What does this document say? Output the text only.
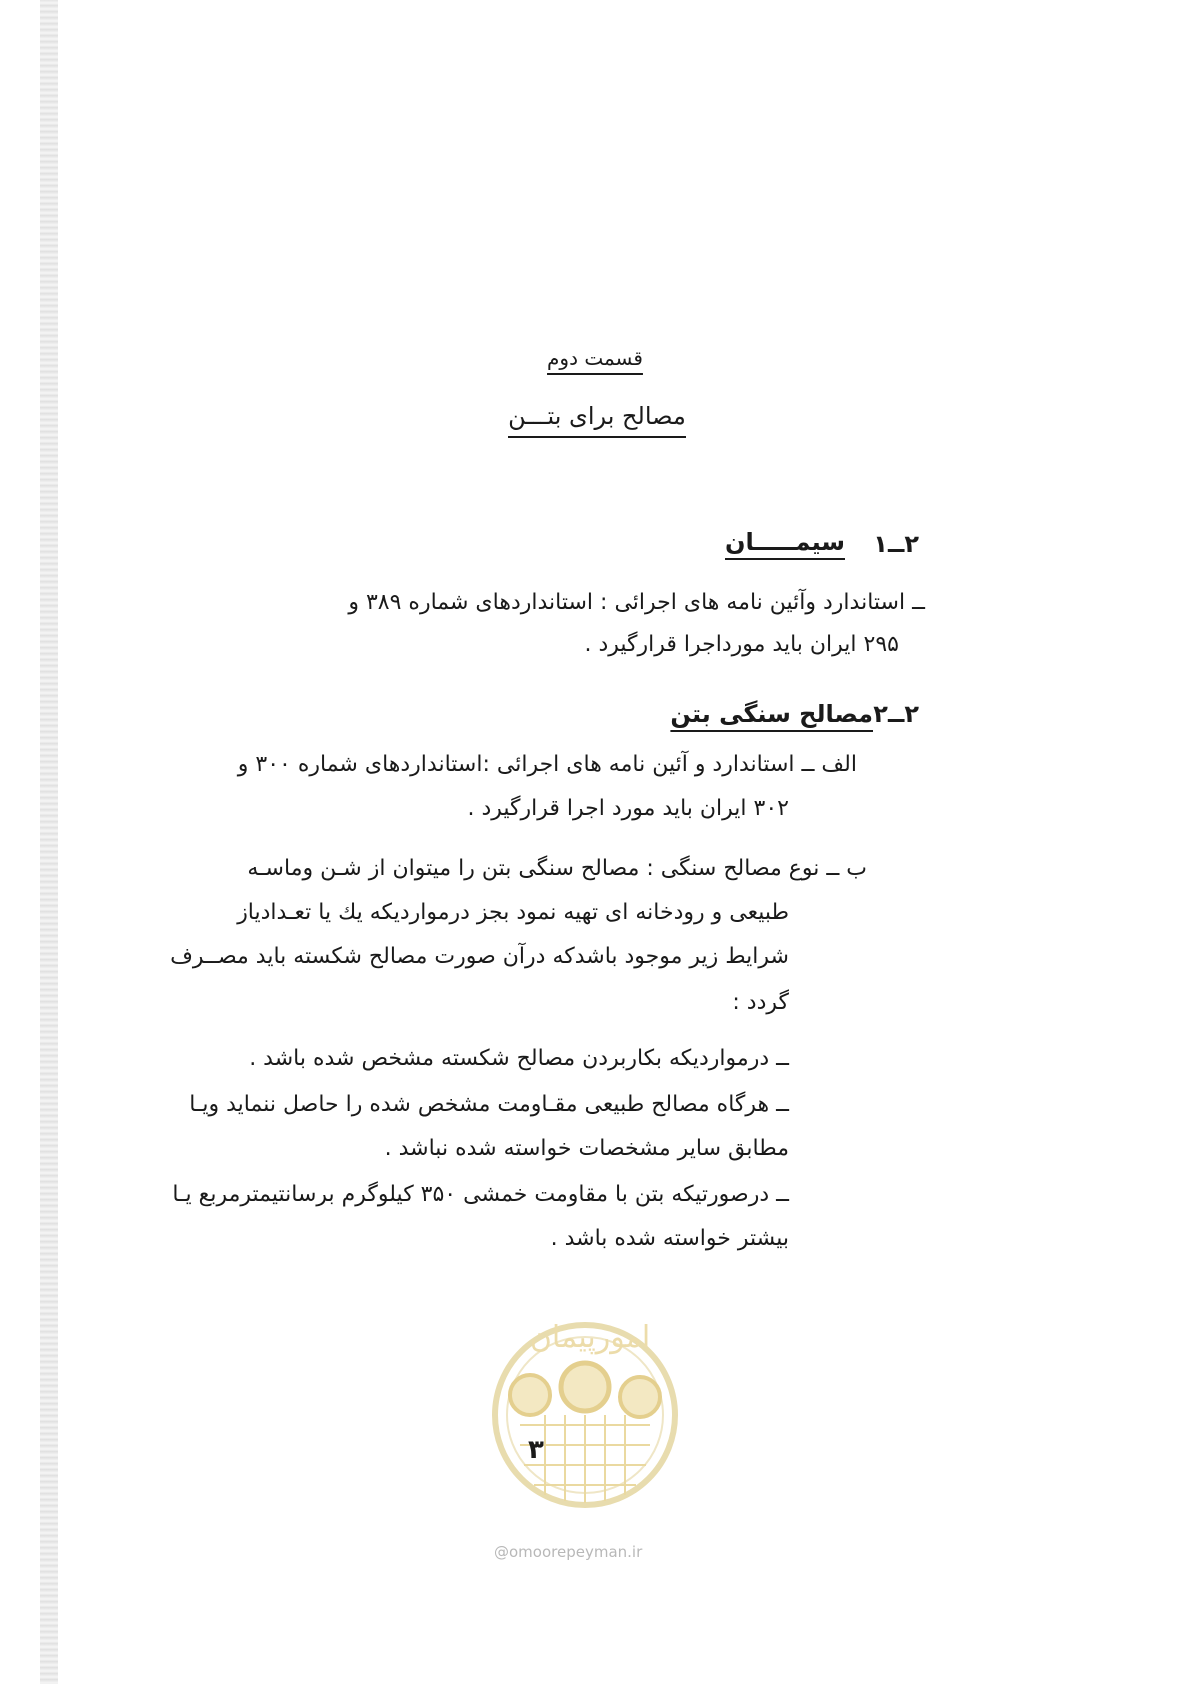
قسمت دوم
مصالح برای بتـــن
۲ــ۱
سیمـــــان
ــ استاندارد وآئین نامه های اجرائی : استانداردهای شماره ۳۸۹ و
۲۹۵ ایران باید مورداجرا قرارگیرد .
۲ــ۲
مصالح سنگی بتن
الف ــ استاندارد و آئین نامه های اجرائی :استانداردهای شماره ۳۰۰ و
۳۰۲ ایران باید مورد اجرا قرارگیرد .
ب ــ نوع مصالح سنگی : مصالح سنگی بتن را میتوان از شـن وماسـه
طبیعی و رودخانه ای تهیه نمود بجز درمواردیکه یك یا تعـدادیاز
شرایط زیر موجود باشدکه درآن صورت مصالح شکسته باید مصــرف
گردد :
ــ درمواردیکه بکاربردن مصالح شکسته مشخص شده باشد .
ــ هرگاه مصالح طبیعی مقـاومت مشخص شده را حاصل ننماید ویـا
مطابق سایر مشخصات خواسته شده نباشد .
ــ درصورتیکه بتن با مقاومت خمشی ۳۵۰ کیلوگرم برسانتیمترمربع یـا
بیشتر خواسته شده باشد .
امورپیمان
@omoorepeyman.ir
۳
